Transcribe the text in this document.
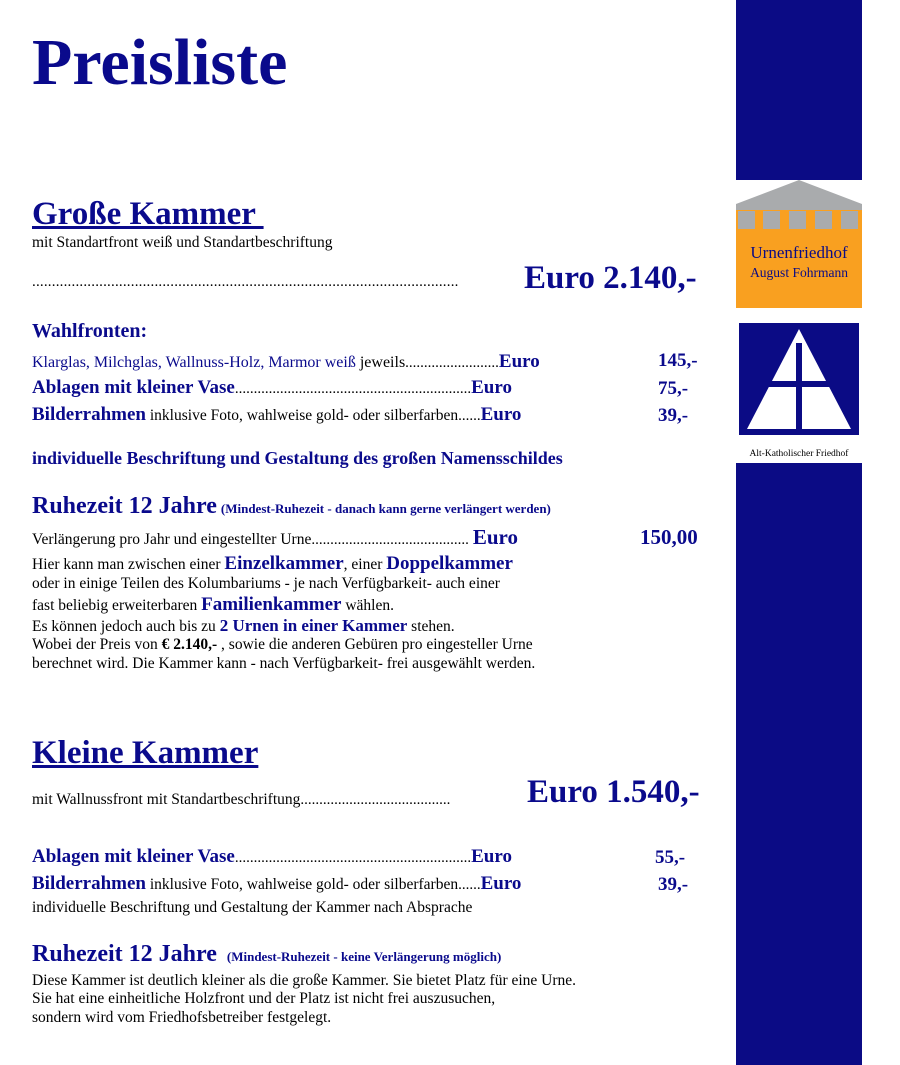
Urnenfriedhof
August Fohrmann
Alt-Katholischer Friedhof
Preisliste
Große Kammer
mit Standartfront weiß und Standartbeschriftung
............................................................................................................	Euro 2.140,-
Wahlfronten:
Klarglas, Milchglas, Wallnuss-Holz, Marmor weiß jeweils.........................Euro	145,-
Ablagen mit kleiner Vase...............................................................Euro	75,-
Bilderrahmen inklusive Foto, wahlweise gold- oder silberfarben......Euro	39,-
individuelle Beschriftung und Gestaltung des großen Namensschildes
Ruhezeit 12 Jahre (Mindest-Ruhezeit - danach kann gerne verlängert werden)
Verlängerung pro Jahr und eingestellter Urne.......................................... Euro	150,00
Hier kann man zwischen einer Einzelkammer, einer Doppelkammer
oder in einige Teilen des Kolumbariums - je nach Verfügbarkeit- auch einer
fast beliebig erweiterbaren Familienkammer wählen.
Es können jedoch auch bis zu 2 Urnen in einer Kammer stehen.
Wobei der Preis von € 2.140,- , sowie die anderen Gebüren pro eingesteller Urne
berechnet wird. Die Kammer kann - nach Verfügbarkeit- frei ausgewählt werden.
Kleine Kammer
mit Wallnussfront mit Standartbeschriftung........................................ Euro 1.540,-
Ablagen mit kleiner Vase...............................................................Euro	55,-
Bilderrahmen inklusive Foto, wahlweise gold- oder silberfarben......Euro	39,-
individuelle Beschriftung und Gestaltung der Kammer nach Absprache
Ruhezeit 12 Jahre (Mindest-Ruhezeit - keine Verlängerung möglich)
Diese Kammer ist deutlich kleiner als die große Kammer. Sie bietet Platz für eine Urne.
Sie hat eine einheitliche Holzfront und der Platz ist nicht frei auszusuchen,
sondern wird vom Friedhofsbetreiber festgelegt.
